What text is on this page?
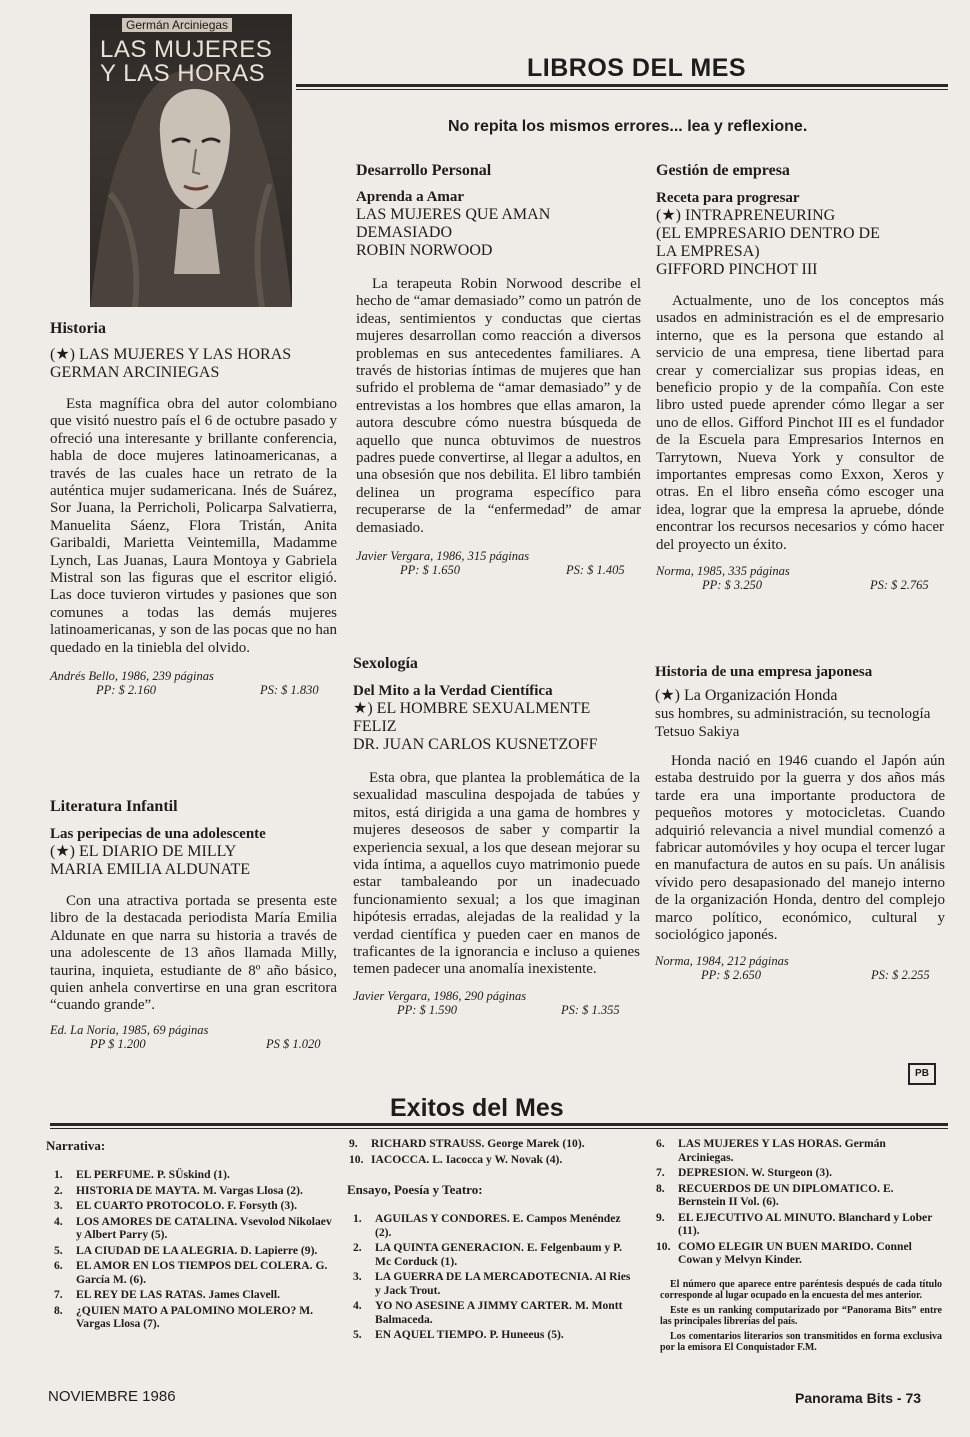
LIBROS DEL MES
No repita los mismos errores... lea y reflexione.
Germán Arciniegas
LAS MUJERES
Y LAS HORAS
Historia
(★) LAS MUJERES Y LAS HORAS
GERMAN ARCINIEGAS
Esta magnífica obra del autor colombiano que visitó nuestro país el 6 de octubre pasado y ofreció una interesante y brillante conferencia, habla de doce mujeres latinoamericanas, a través de las cuales hace un retrato de la auténtica mujer sudamericana. Inés de Suárez, Sor Juana, la Perricholi, Policarpa Salvatierra, Manuelita Sáenz, Flora Tristán, Anita Garibaldi, Marietta Veintemilla, Madamme Lynch, Las Juanas, Laura Montoya y Gabriela Mistral son las figuras que el escritor eligió. Las doce tuvieron virtudes y pasiones que son comunes a todas las demás mujeres latinoamericanas, y son de las pocas que no han quedado en la tiniebla del olvido.
Andrés Bello, 1986, 239 páginas
PP: $ 2.160	PS: $ 1.830
Literatura Infantil
Las peripecias de una adolescente
(★) EL DIARIO DE MILLY
MARIA EMILIA ALDUNATE
Con una atractiva portada se presenta este libro de la destacada periodista María Emilia Aldunate en que narra su historia a través de una adolescente de 13 años llamada Milly, taurina, inquieta, estudiante de 8º año básico, quien anhela convertirse en una gran escritora “cuando grande”.
Ed. La Noria, 1985, 69 páginas
PP $ 1.200	PS $ 1.020
Desarrollo Personal
Aprenda a Amar
LAS MUJERES QUE AMAN
DEMASIADO
ROBIN NORWOOD
La terapeuta Robin Norwood describe el hecho de “amar demasiado” como un patrón de ideas, sentimientos y conductas que ciertas mujeres desarrollan como reacción a diversos problemas en sus antecedentes familiares. A través de historias íntimas de mujeres que han sufrido el problema de “amar demasiado” y de entrevistas a los hombres que ellas amaron, la autora descubre cómo nuestra búsqueda de aquello que nunca obtuvimos de nuestros padres puede convertirse, al llegar a adultos, en una obsesión que nos debilita. El libro también delinea un programa específico para recuperarse de la “enfermedad” de amar demasiado.
Javier Vergara, 1986, 315 páginas
PP: $ 1.650	PS: $ 1.405
Sexología
Del Mito a la Verdad Científica
★) EL HOMBRE SEXUALMENTE
FELIZ
DR. JUAN CARLOS KUSNETZOFF
Esta obra, que plantea la problemática de la sexualidad masculina despojada de tabúes y mitos, está dirigida a una gama de hombres y mujeres deseosos de saber y compartir la experiencia sexual, a los que desean mejorar su vida íntima, a aquellos cuyo matrimonio puede estar tambaleando por un inadecuado funcionamiento sexual; a los que imaginan hipótesis erradas, alejadas de la realidad y la verdad científica y pueden caer en manos de traficantes de la ignorancia e incluso a quienes temen padecer una anomalía inexistente.
Javier Vergara, 1986, 290 páginas
PP: $ 1.590	PS: $ 1.355
Gestión de empresa
Receta para progresar
(★) INTRAPRENEURING
(EL EMPRESARIO DENTRO DE
LA EMPRESA)
GIFFORD PINCHOT III
Actualmente, uno de los conceptos más usados en administración es el de empresario interno, que es la persona que estando al servicio de una empresa, tiene libertad para crear y comercializar sus propias ideas, en beneficio propio y de la compañía. Con este libro usted puede aprender cómo llegar a ser uno de ellos. Gifford Pinchot III es el fundador de la Escuela para Empresarios Internos en Tarrytown, Nueva York y consultor de importantes empresas como Exxon, Xeros y otras. En el libro enseña cómo escoger una idea, lograr que la empresa la apruebe, dónde encontrar los recursos necesarios y cómo hacer del proyecto un éxito.
Norma, 1985, 335 páginas
PP: $ 3.250	PS: $ 2.765
Historia de una empresa japonesa
(★) La Organización Honda
sus hombres, su administración, su tecnología
Tetsuo Sakiya
Honda nació en 1946 cuando el Japón aún estaba destruido por la guerra y dos años más tarde era una importante productora de pequeños motores y motocicletas. Cuando adquirió relevancia a nivel mundial comenzó a fabricar automóviles y hoy ocupa el tercer lugar en manufactura de autos en su país. Un análisis vívido pero desapasionado del manejo interno de la organización Honda, dentro del complejo marco político, económico, cultural y sociológico japonés.
Norma, 1984, 212 páginas
PP: $ 2.650	PS: $ 2.255
PB
Exitos del Mes
Narrativa:
1. EL PERFUME. P. SÜskind (1).
2. HISTORIA DE MAYTA. M. Vargas Llosa (2).
3. EL CUARTO PROTOCOLO. F. Forsyth (3).
4. LOS AMORES DE CATALINA. Vsevolod Nikolaev y Albert Parry (5).
5. LA CIUDAD DE LA ALEGRIA. D. Lapierre (9).
6. EL AMOR EN LOS TIEMPOS DEL COLERA. G. García M. (6).
7. EL REY DE LAS RATAS. James Clavell.
8. ¿QUIEN MATO A PALOMINO MOLERO? M. Vargas Llosa (7).
9. RICHARD STRAUSS. George Marek (10).
10. IACOCCA. L. Iacocca y W. Novak (4).
Ensayo, Poesía y Teatro:
1. AGUILAS Y CONDORES. E. Campos Menéndez (2).
2. LA QUINTA GENERACION. E. Felgenbaum y P. Mc Corduck (1).
3. LA GUERRA DE LA MERCADOTECNIA. Al Ries y Jack Trout.
4. YO NO ASESINE A JIMMY CARTER. M. Montt Balmaceda.
5. EN AQUEL TIEMPO. P. Huneeus (5).
6. LAS MUJERES Y LAS HORAS. Germán Arciniegas.
7. DEPRESION. W. Sturgeon (3).
8. RECUERDOS DE UN DIPLOMATICO. E. Bernstein II Vol. (6).
9. EL EJECUTIVO AL MINUTO. Blanchard y Lober (11).
10. COMO ELEGIR UN BUEN MARIDO. Connel Cowan y Melvyn Kinder.

El número que aparece entre paréntesis después de cada título corresponde al lugar ocupado en la encuesta del mes anterior.

Este es un ranking computarizado por “Panorama Bits” entre las principales librerías del país.

Los comentarios literarios son transmitidos en forma exclusiva por la emisora El Conquistador F.M.

NOVIEMBRE 1986	Panorama Bits - 73
